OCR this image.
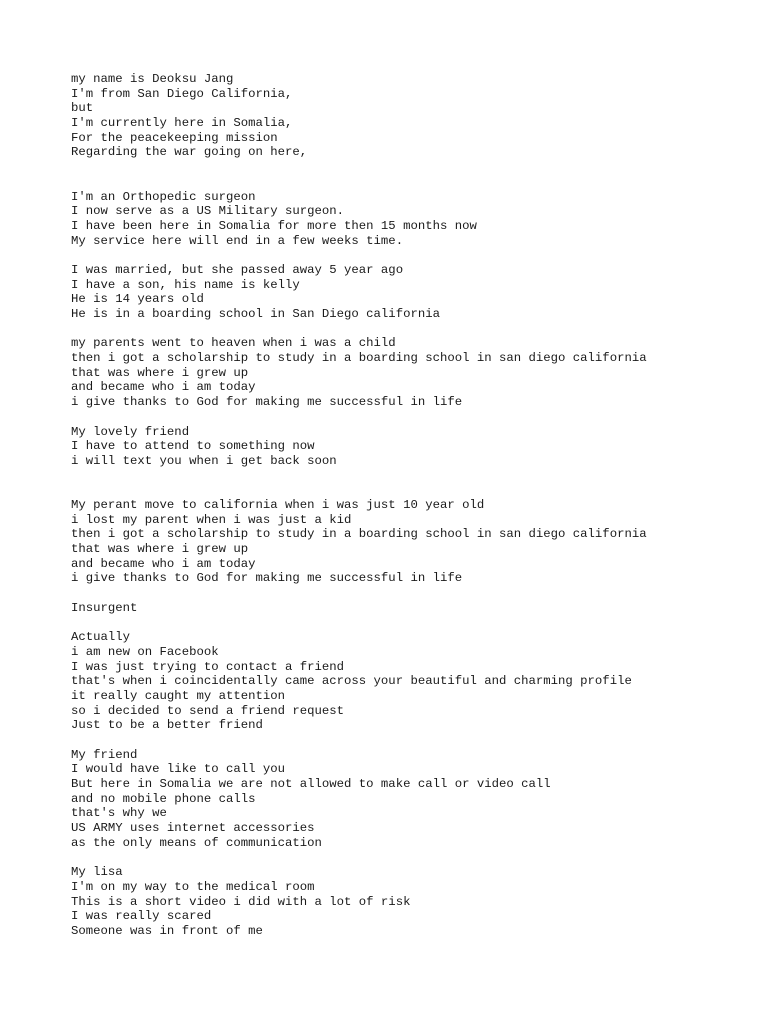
my name is Deoksu Jang
I'm from San Diego California,
but
I'm currently here in Somalia,
For the peacekeeping mission
Regarding the war going on here,
I'm an Orthopedic surgeon
I now serve as a US Military surgeon.
I have been here in Somalia for more then 15 months now
My service here will end in a few weeks time.
I was married, but she passed away 5 year ago
I have a son, his name is kelly
He is 14 years old
He is in a boarding school in San Diego california
my parents went to heaven when i was a child
then i got a scholarship to study in a boarding school in san diego california
that was where i grew up
and became who i am today
i give thanks to God for making me successful in life
My lovely friend
I have to attend to something now
i will text you when i get back soon
My perant move to california when i was just 10 year old
i lost my parent when i was just a kid
then i got a scholarship to study in a boarding school in san diego california
that was where i grew up
and became who i am today
i give thanks to God for making me successful in life
Insurgent
Actually
i am new on Facebook
I was just trying to contact a friend
that's when i coincidentally came across your beautiful and charming profile
it really caught my attention
so i decided to send a friend request
Just to be a better friend
My friend
I would have like to call you
But here in Somalia we are not allowed to make call or video call
and no mobile phone calls
that's why we
US ARMY uses internet accessories
as the only means of communication
My lisa
I'm on my way to the medical room
This is a short video i did with a lot of risk
I was really scared
Someone was in front of me
